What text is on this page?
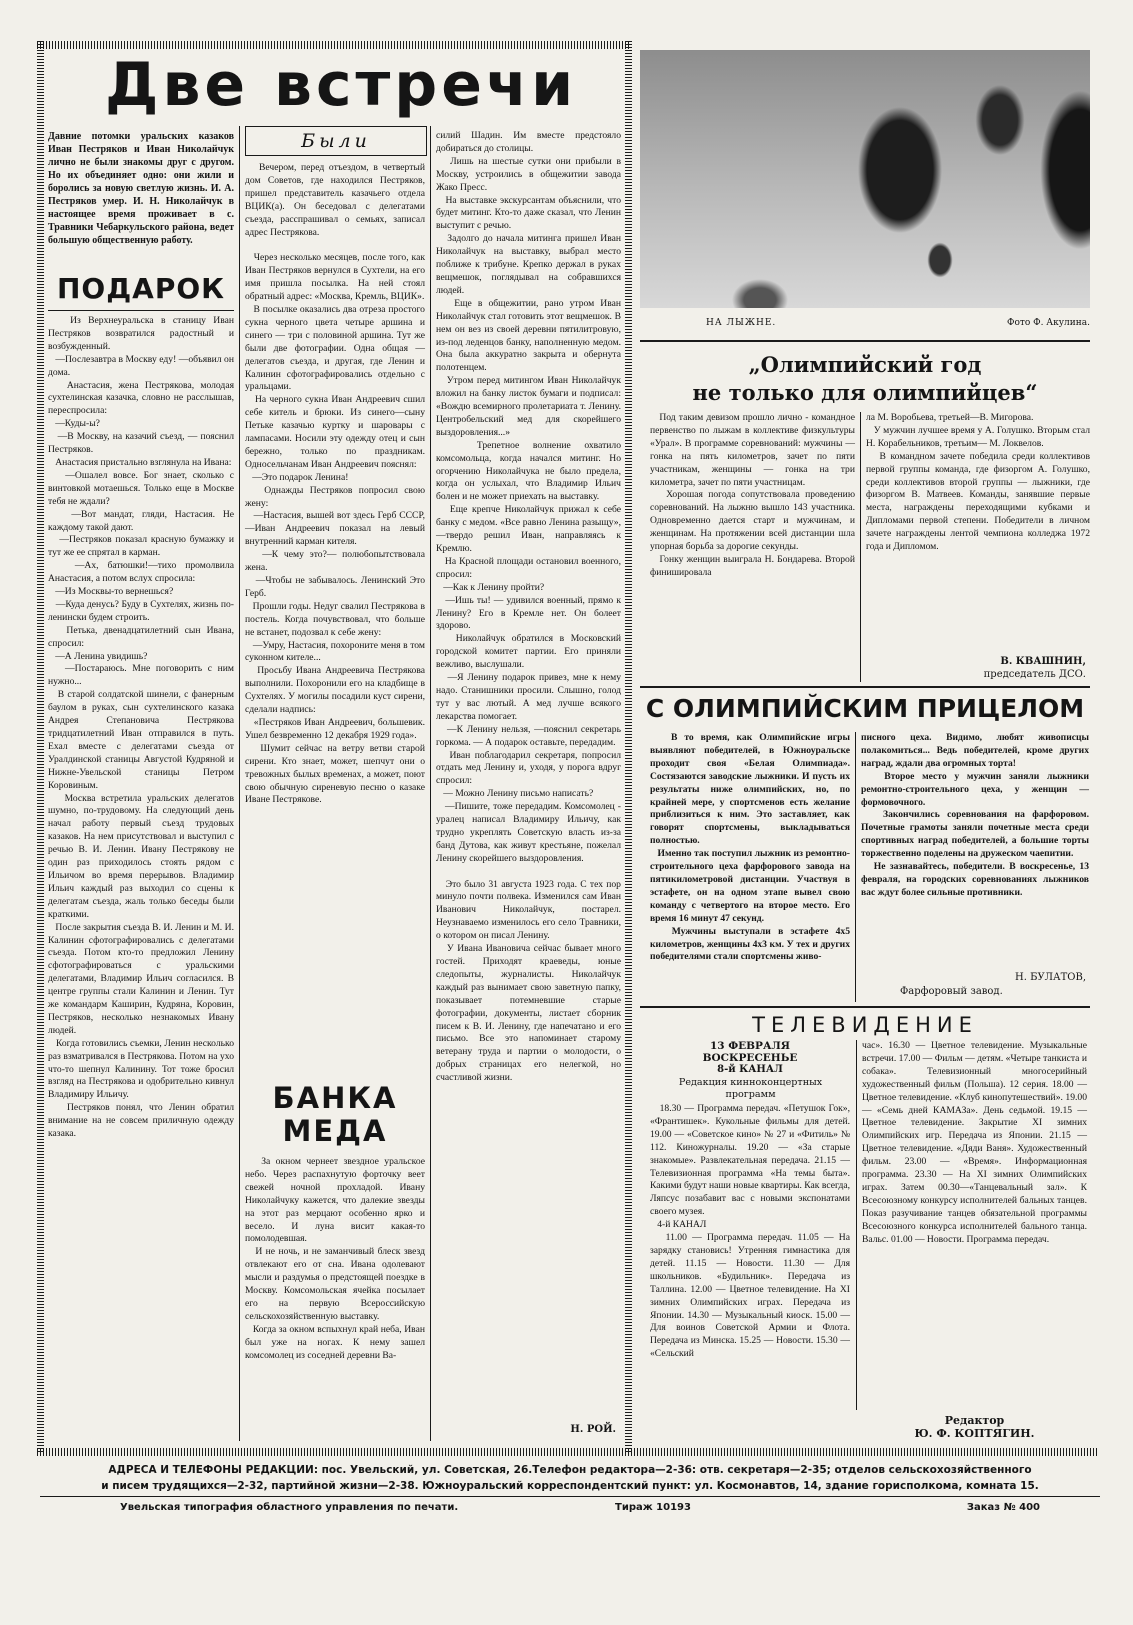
Две встречи
Давние потомки уральских казаков Иван Пестряков и Иван Николайчук лично не были знакомы друг с другом. Но их объединяет одно: они жили и боролись за новую светлую жизнь. И. А. Пестряков умер. И. Н. Николайчук в настоящее время проживает в с. Травники Чебаркульского района, ведет большую общественную работу.
ПОДАРОК
Из Верхнеуральска в станицу Иван Пестряков возвратился радостный и возбужденный.
—Послезавтра в Москву еду! —объявил он дома.
Анастасия, жена Пестрякова, молодая сухтелинская казачка, словно не расслышав, переспросила:
—Куды-ы?
—В Москву, на казачий съезд, — пояснил Пестряков.
Анастасия пристально взглянула на Ивана:
—Ошалел вовсе. Бог знает, сколько с винтовкой мотаешься. Только еще в Москве тебя не ждали?
—Вот мандат, гляди, Настасия. Не каждому такой дают.
—Пестряков показал красную бумажку и тут же ее спрятал в карман.
—Ах, батюшки!—тихо промолвила Анастасия, а потом вслух спросила:
—Из Москвы-то вернешься?
—Куда денусь? Буду в Сухтелях, жизнь по-ленински будем строить.
Петька, двенадцатилетний сын Ивана, спросил:
—А Ленина увидишь?
—Постараюсь. Мне поговорить с ним нужно...
В старой солдатской шинели, с фанерным баулом в руках, сын сухтелинского казака Андрея Степановича Пестрякова тридцатилетний Иван отправился в путь. Ехал вместе с делегатами съезда от Уралдинской станицы Августой Кудряной и Нижне-Увельской станицы Петром Коровиным.
Москва встретила уральских делегатов шумно, по-трудовому. На следующий день начал работу первый съезд трудовых казаков. На нем присутствовал и выступил с речью В. И. Ленин. Ивану Пестрякову не один раз приходилось стоять рядом с Ильичом во время перерывов. Владимир Ильич каждый раз выходил со сцены к делегатам съезда, жаль только беседы были краткими.
После закрытия съезда В. И. Ленин и М. И. Калинин сфотографировались с делегатами съезда. Потом кто-то предложил Ленину сфотографироваться с уральскими делегатами, Владимир Ильич согласился. В центре группы стали Калинин и Ленин. Тут же командарм Каширин, Кудряна, Коровин, Пестряков, несколько незнакомых Ивану людей.
Когда готовились съемки, Ленин несколько раз взматривался в Пестрякова. Потом на ухо что-то шепнул Калинину. Тот тоже бросил взгляд на Пестрякова и одобрительно кивнул Владимиру Ильичу.
Пестряков понял, что Ленин обратил внимание на не совсем приличную одежду казака.
Были
Вечером, перед отъездом, в четвертый дом Советов, где находился Пестряков, пришел представитель казачьего отдела ВЦИК(а). Он беседовал с делегатами съезда, расспрашивал о семьях, записал адрес Пестрякова.

Через несколько месяцев, после того, как Иван Пестряков вернулся в Сухтели, на его имя пришла посылка. На ней стоял обратный адрес: «Москва, Кремль, ВЦИК».
В посылке оказались два отреза простого сукна черного цвета четыре аршина и синего — три с половиной аршина. Тут же были две фотографии. Одна общая — делегатов съезда, и другая, где Ленин и Калинин сфотографировались отдельно с уральцами.
На черного сукна Иван Андреевич сшил себе китель и брюки. Из синего—сыну Петьке казачью куртку и шаровары с лампасами. Носили эту одежду отец и сын бережно, только по праздникам. Односельчанам Иван Андреевич пояснял:
—Это подарок Ленина!
Однажды Пестряков попросил свою жену:
—Настасия, вышей вот здесь Герб СССР, —Иван Андреевич показал на левый внутренний карман кителя.
—К чему это?— полюбопытствовала жена.
—Чтобы не забывалось. Ленинский Это Герб.
Прошли годы. Недуг свалил Пестрякова в постель. Когда почувствовал, что больше не встанет, подозвал к себе жену:
—Умру, Настасия, похороните меня в том суконном кителе...
Просьбу Ивана Андреевича Пестрякова выполнили. Похоронили его на кладбище в Сухтелях. У могилы посадили куст сирени, сделали надпись:
«Пестряков Иван Андреевич, большевик. Ушел безвременно 12 декабря 1929 года».
Шумит сейчас на ветру ветви старой сирени. Кто знает, может, шепчут они о тревожных былых временах, а может, поют свою обычную сиреневую песню о казаке Иване Пестрякове.
БАНКА
МЕДА
За окном чернеет звездное уральское небо. Через распахнутую форточку веет свежей ночной прохладой. Ивану Николайчуку кажется, что далекие звезды на этот раз мерцают особенно ярко и весело. И луна висит какая-то помолодевшая.
И не ночь, и не заманчивый блеск звезд отвлекают его от сна. Ивана одолевают мысли и раздумья о предстоящей поездке в Москву. Комсомольская ячейка посылает его на первую Всероссийскую сельскохозяйственную выставку.
Когда за окном вспыхнул край неба, Иван был уже на ногах. К нему зашел комсомолец из соседней деревни Ва-
силий Шадин. Им вместе предстояло добираться до столицы.
Лишь на шестые сутки они прибыли в Москву, устроились в общежитии завода Жако Пресс.
На выставке экскурсантам объяснили, что будет митинг. Кто-то даже сказал, что Ленин выступит с речью.
Задолго до начала митинга пришел Иван Николайчук на выставку, выбрал место поближе к трибуне. Крепко держал в руках вещмешок, поглядывал на собравшихся людей.
Еще в общежитии, рано утром Иван Николайчук стал готовить этот вещмешок. В нем он вез из своей деревни пятилитровую, из-под леденцов банку, наполненную медом. Она была аккуратно закрыта и обернута полотенцем.
Утром перед митингом Иван Николайчук вложил на банку листок бумаги и подписал: «Вождю всемирного пролетариата т. Ленину. Центробельский мед для скорейшего выздоровления...»
Трепетное волнение охватило комсомольца, когда начался митинг. Но огорчению Николайчука не было предела, когда он услыхал, что Владимир Ильич болен и не может приехать на выставку.
Еще крепче Николайчук прижал к себе банку с медом. «Все равно Ленина разыщу», —твердо решил Иван, направляясь к Кремлю.
На Красной площади остановил военного, спросил:
—Как к Ленину пройти?
—Ишь ты! — удивился военный, прямо к Ленину? Его в Кремле нет. Он болеет здорово.
Николайчук обратился в Московский городской комитет партии. Его приняли вежливо, выслушали.
—Я Ленину подарок привез, мне к нему надо. Станишники просили. Слышно, голод тут у вас лютый. А мед лучше всякого лекарства помогает.
—К Ленину нельзя, —пояснил секретарь горкома. — А подарок оставьте, передадим.
Иван поблагодарил секретаря, попросил отдать мед Ленину и, уходя, у порога вдруг спросил:
— Можно Ленину письмо написать?
—Пишите, тоже передадим. Комсомолец - уралец написал Владимиру Ильичу, как трудно укреплять Советскую власть из-за банд Дутова, как живут крестьяне, пожелал Ленину скорейшего выздоровления.

Это было 31 августа 1923 года. С тех пор минуло почти полвека. Изменился сам Иван Иванович Николайчук, постарел. Неузнаваемо изменилось его село Травники, о котором он писал Ленину.
У Ивана Ивановича сейчас бывает много гостей. Приходят краеведы, юные следопыты, журналисты. Николайчук каждый раз вынимает свою заветную папку, показывает потемневшие старые фотографии, документы, листает сборник писем к В. И. Ленину, где напечатано и его письмо. Все это напоминает старому ветерану труда и партии о молодости, о добрых страницах его нелегкой, но счастливой жизни.
Н. РОЙ.
НА ЛЫЖНЕ.	Фото Ф. Акулина.
„Олимпийский год
не только для олимпийцев“
Под таким девизом прошло лично - командное первенство по лыжам в коллективе физкультуры «Урал». В программе соревнований: мужчины — гонка на пять километров, зачет по пяти участникам, женщины — гонка на три километра, зачет по пяти участницам.
Хорошая погода сопутствовала проведению соревнований. На лыжню вышло 143 участника. Одновременно дается старт и мужчинам, и женщинам. На протяжении всей дистанции шла упорная борьба за дорогие секунды.
Гонку женщин выиграла Н. Бондарева. Второй финишировала
ла М. Воробьева, третьей—В. Мигорова.
У мужчин лучшее время у А. Голушко. Вторым стал Н. Корабельников, третьим— М. Локвелов.
В командном зачете победила среди коллективов первой группы команда, где физоргом А. Голушко, среди коллективов второй группы — лыжники, где физоргом В. Матвеев. Команды, занявшие первые места, награждены переходящими кубками и Дипломами первой степени. Победители в личном зачете награждены лентой чемпиона колледжа 1972 года и Дипломом.
В. КВАШНИН,
председатель ДСО.
С ОЛИМПИЙСКИМ ПРИЦЕЛОМ
В то время, как Олимпийские игры выявляют победителей, в Южноуральске проходит своя «Белая Олимпиада». Состязаются заводские лыжники. И пусть их результаты ниже олимпийских, но, по крайней мере, у спортсменов есть желание приблизиться к ним. Это заставляет, как говорят спортсмены, выкладываться полностью.
Именно так поступил лыжник из ремонтно-строительного цеха фарфорового завода на пятикилометровой дистанции. Участвуя в эстафете, он на одном этапе вывел свою команду с четвертого на второе место. Его время 16 минут 47 секунд.
Мужчины выступали в эстафете 4х5 километров, женщины 4х3 км. У тех и других победителями стали спортсмены живо-
писного цеха. Видимо, любят живописцы полакомиться... Ведь победителей, кроме других наград, ждали два огромных торта!
Второе место у мужчин заняли лыжники ремонтно-строительного цеха, у женщин — формовочного.
Закончились соревнования на фарфоровом. Почетные грамоты заняли почетные места среди спортивных наград победителей, а большие торты торжественно поделены на дружеском чаепитии.
Не зазнавайтесь, победители. В воскресенье, 13 февраля, на городских соревнованиях лыжников вас ждут более сильные противники.
Н. БУЛАТОВ,
Фарфоровый завод.
ТЕЛЕВИДЕНИЕ
13 ФЕВРАЛЯ
ВОСКРЕСЕНЬЕ
8-й КАНАЛ
Редакция кинноконцертных программ
18.30 — Программа передач. «Петушок Гок», «Франтишек». Кукольные фильмы для детей. 19.00 — «Советское кино» № 27 и «Фитиль» № 112. Киножурналы. 19.20 — «За старые знакомые». Развлекательная передача. 21.15 — Телевизионная программа «На темы быта». Какими будут наши новые квартиры. Как всегда, Ляпсус позабавит вас с новыми экспонатами своего музея.
4-й КАНАЛ
11.00 — Программа передач. 11.05 — На зарядку становись! Утренняя гимнастика для детей. 11.15 — Новости. 11.30 — Для школьников. «Будильник». Передача из Таллина. 12.00 — Цветное телевидение. На XI зимних Олимпийских играх. Передача из Японии. 14.30 — Музыкальный киоск. 15.00 — Для воинов Советской Армии и Флота. Передача из Минска. 15.25 — Новости. 15.30 — «Сельский
час». 16.30 — Цветное телевидение. Музыкальные встречи. 17.00 — Фильм — детям. «Четыре танкиста и собака». Телевизионный многосерийный художественный фильм (Польша). 12 серия. 18.00 — Цветное телевидение. «Клуб кинопутешествий». 19.00 — «Семь дней КАМАЗа». День седьмой. 19.15 — Цветное телевидение. Закрытие XI зимних Олимпийских игр. Передача из Японии. 21.15 — Цветное телевидение. «Дяди Ваня». Художественный фильм. 23.00 — «Время». Информационная программа. 23.30 — На XI зимних Олимпийских играх. Затем 00.30—«Танцевальный зал». К Всесоюзному конкурсу исполнителей бальных танцев. Показ разучивание танцев обязательной программы Всесоюзного конкурса исполнителей бального танца. Вальс. 01.00 — Новости. Программа передач.
Редактор
Ю. Ф. КОПТЯГИН.
АДРЕСА И ТЕЛЕФОНЫ РЕДАКЦИИ: пос. Увельский, ул. Советская, 26.Телефон редактора—2-36: отв. секретаря—2-35; отделов сельскохозяйственного
и писем трудящихся—2-32, партийной жизни—2-38. Южноуральский корреспондентский пункт: ул. Космонавтов, 14, здание горисполкома, комната 15.
Увельская типография областного управления по печати.	Тираж 10193	Заказ № 400
